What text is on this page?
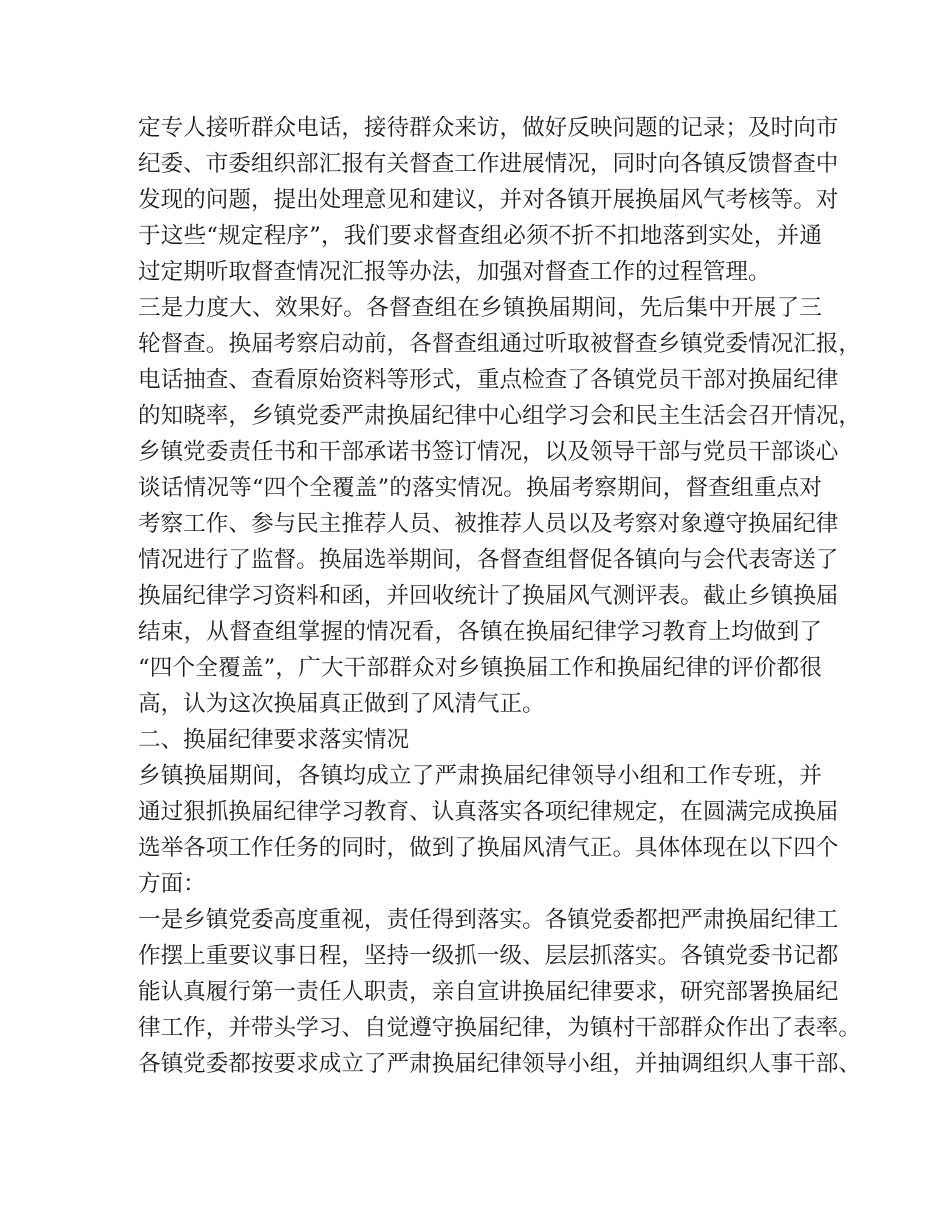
定专人接听群众电话，接待群众来访，做好反映问题的记录；及时向市
纪委、市委组织部汇报有关督查工作进展情况，同时向各镇反馈督查中
发现的问题，提出处理意见和建议，并对各镇开展换届风气考核等。对
于这些“规定程序”，我们要求督查组必须不折不扣地落到实处，并通
过定期听取督查情况汇报等办法，加强对督查工作的过程管理。
三是力度大、效果好。各督查组在乡镇换届期间，先后集中开展了三
轮督查。换届考察启动前，各督查组通过听取被督查乡镇党委情况汇报，
电话抽查、查看原始资料等形式，重点检查了各镇党员干部对换届纪律
的知晓率，乡镇党委严肃换届纪律中心组学习会和民主生活会召开情况，
乡镇党委责任书和干部承诺书签订情况，以及领导干部与党员干部谈心
谈话情况等“四个全覆盖”的落实情况。换届考察期间，督查组重点对
考察工作、参与民主推荐人员、被推荐人员以及考察对象遵守换届纪律
情况进行了监督。换届选举期间，各督查组督促各镇向与会代表寄送了
换届纪律学习资料和函，并回收统计了换届风气测评表。截止乡镇换届
结束，从督查组掌握的情况看，各镇在换届纪律学习教育上均做到了
“四个全覆盖”，广大干部群众对乡镇换届工作和换届纪律的评价都很
高，认为这次换届真正做到了风清气正。
二、换届纪律要求落实情况
乡镇换届期间，各镇均成立了严肃换届纪律领导小组和工作专班，并
通过狠抓换届纪律学习教育、认真落实各项纪律规定，在圆满完成换届
选举各项工作任务的同时，做到了换届风清气正。具体体现在以下四个
方面：
一是乡镇党委高度重视，责任得到落实。各镇党委都把严肃换届纪律工
作摆上重要议事日程，坚持一级抓一级、层层抓落实。各镇党委书记都
能认真履行第一责任人职责，亲自宣讲换届纪律要求，研究部署换届纪
律工作，并带头学习、自觉遵守换届纪律，为镇村干部群众作出了表率。
各镇党委都按要求成立了严肃换届纪律领导小组，并抽调组织人事干部、
